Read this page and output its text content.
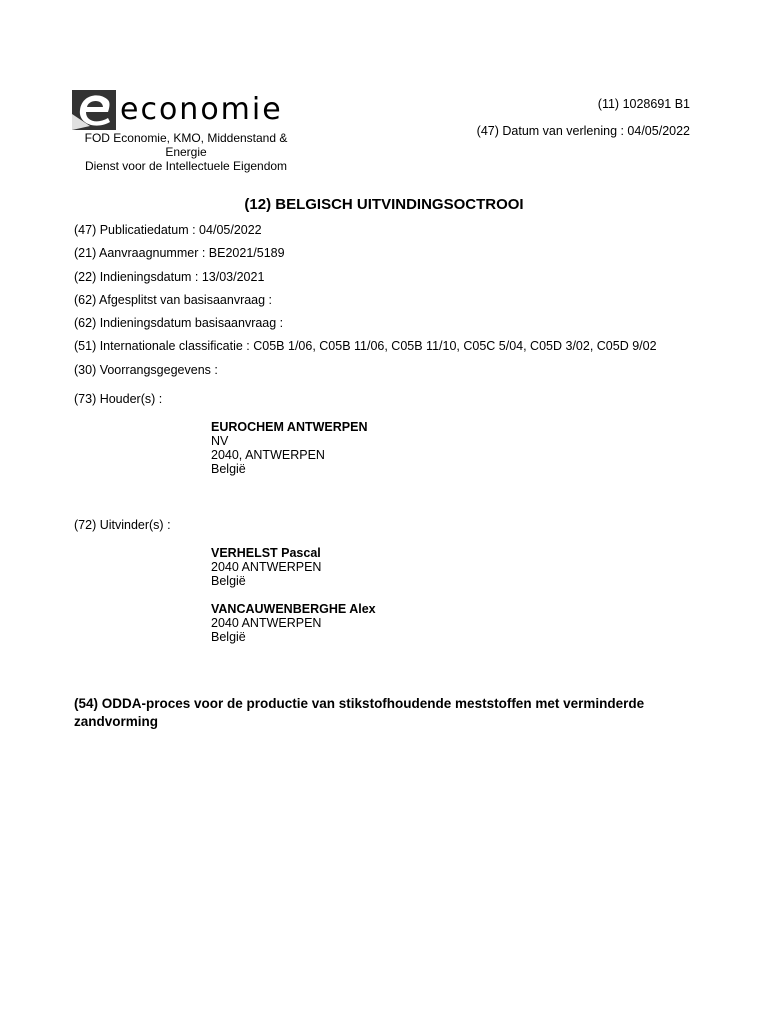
economie
FOD Economie, KMO, Middenstand &
Energie
Dienst voor de Intellectuele Eigendom
(11) 1028691 B1
(47) Datum van verlening : 04/05/2022
(12) BELGISCH UITVINDINGSOCTROOI
(47) Publicatiedatum : 04/05/2022
(21) Aanvraagnummer : BE2021/5189
(22) Indieningsdatum : 13/03/2021
(62) Afgesplitst van basisaanvraag :
(62) Indieningsdatum basisaanvraag :
(51) Internationale classificatie : C05B 1/06, C05B 11/06, C05B 11/10, C05C 5/04, C05D 3/02, C05D 9/02
(30) Voorrangsgegevens :
(73) Houder(s) :
EUROCHEM ANTWERPEN
NV
2040, ANTWERPEN
België
(72) Uitvinder(s) :
VERHELST Pascal
2040 ANTWERPEN
België
VANCAUWENBERGHE Alex
2040 ANTWERPEN
België
(54) ODDA-proces voor de productie van stikstofhoudende meststoffen met verminderde zandvorming
